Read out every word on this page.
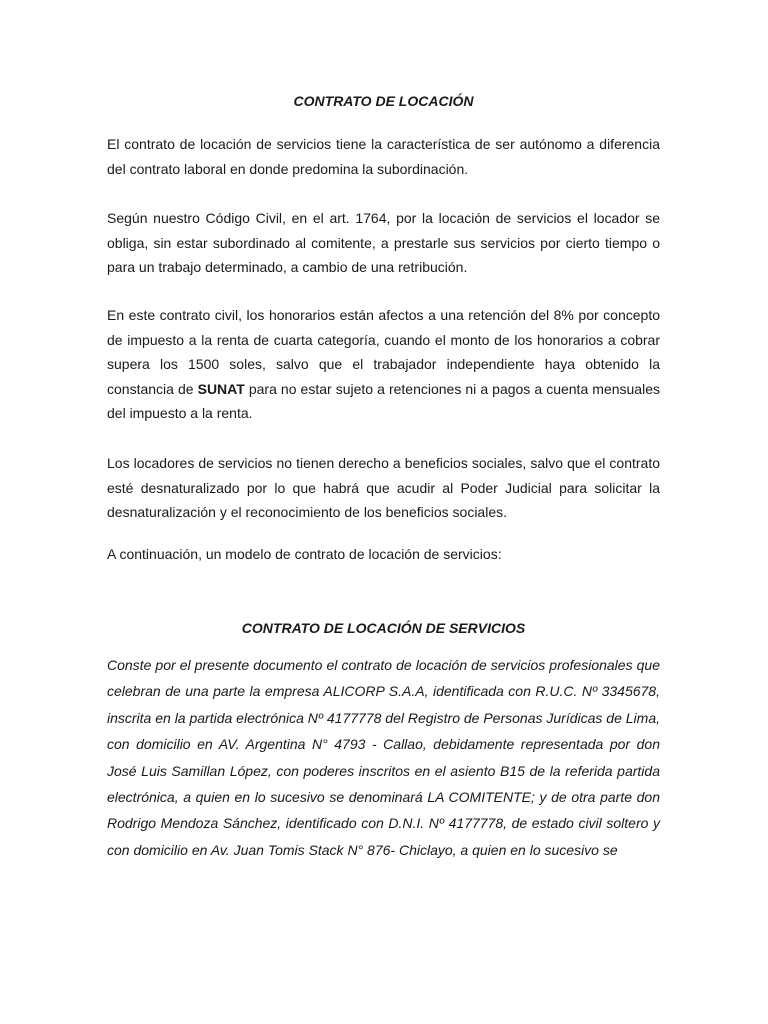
CONTRATO DE LOCACIÓN

El contrato de locación de servicios tiene la característica de ser autónomo a diferencia del contrato laboral en donde predomina la subordinación.

Según nuestro Código Civil, en el art. 1764, por la locación de servicios el locador se obliga, sin estar subordinado al comitente, a prestarle sus servicios por cierto tiempo o para un trabajo determinado, a cambio de una retribución.

En este contrato civil, los honorarios están afectos a una retención del 8% por concepto de impuesto a la renta de cuarta categoría, cuando el monto de los honorarios a cobrar supera los 1500 soles, salvo que el trabajador independiente haya obtenido la constancia de SUNAT para no estar sujeto a retenciones ni a pagos a cuenta mensuales del impuesto a la renta.

Los locadores de servicios no tienen derecho a beneficios sociales, salvo que el contrato esté desnaturalizado por lo que habrá que acudir al Poder Judicial para solicitar la desnaturalización y el reconocimiento de los beneficios sociales.

A continuación, un modelo de contrato de locación de servicios:

CONTRATO DE LOCACIÓN DE SERVICIOS

Conste por el presente documento el contrato de locación de servicios profesionales que celebran de una parte la empresa ALICORP S.A.A, identificada con R.U.C. Nº 3345678, inscrita en la partida electrónica Nº 4177778 del Registro de Personas Jurídicas de Lima, con domicilio en AV. Argentina N° 4793 - Callao, debidamente representada por don José Luis Samillan López, con poderes inscritos en el asiento B15 de la referida partida electrónica, a quien en lo sucesivo se denominará LA COMITENTE; y de otra parte don Rodrigo Mendoza Sánchez, identificado con D.N.I. Nº 4177778, de estado civil soltero y con domicilio en Av. Juan Tomis Stack N° 876- Chiclayo, a quien en lo sucesivo se
